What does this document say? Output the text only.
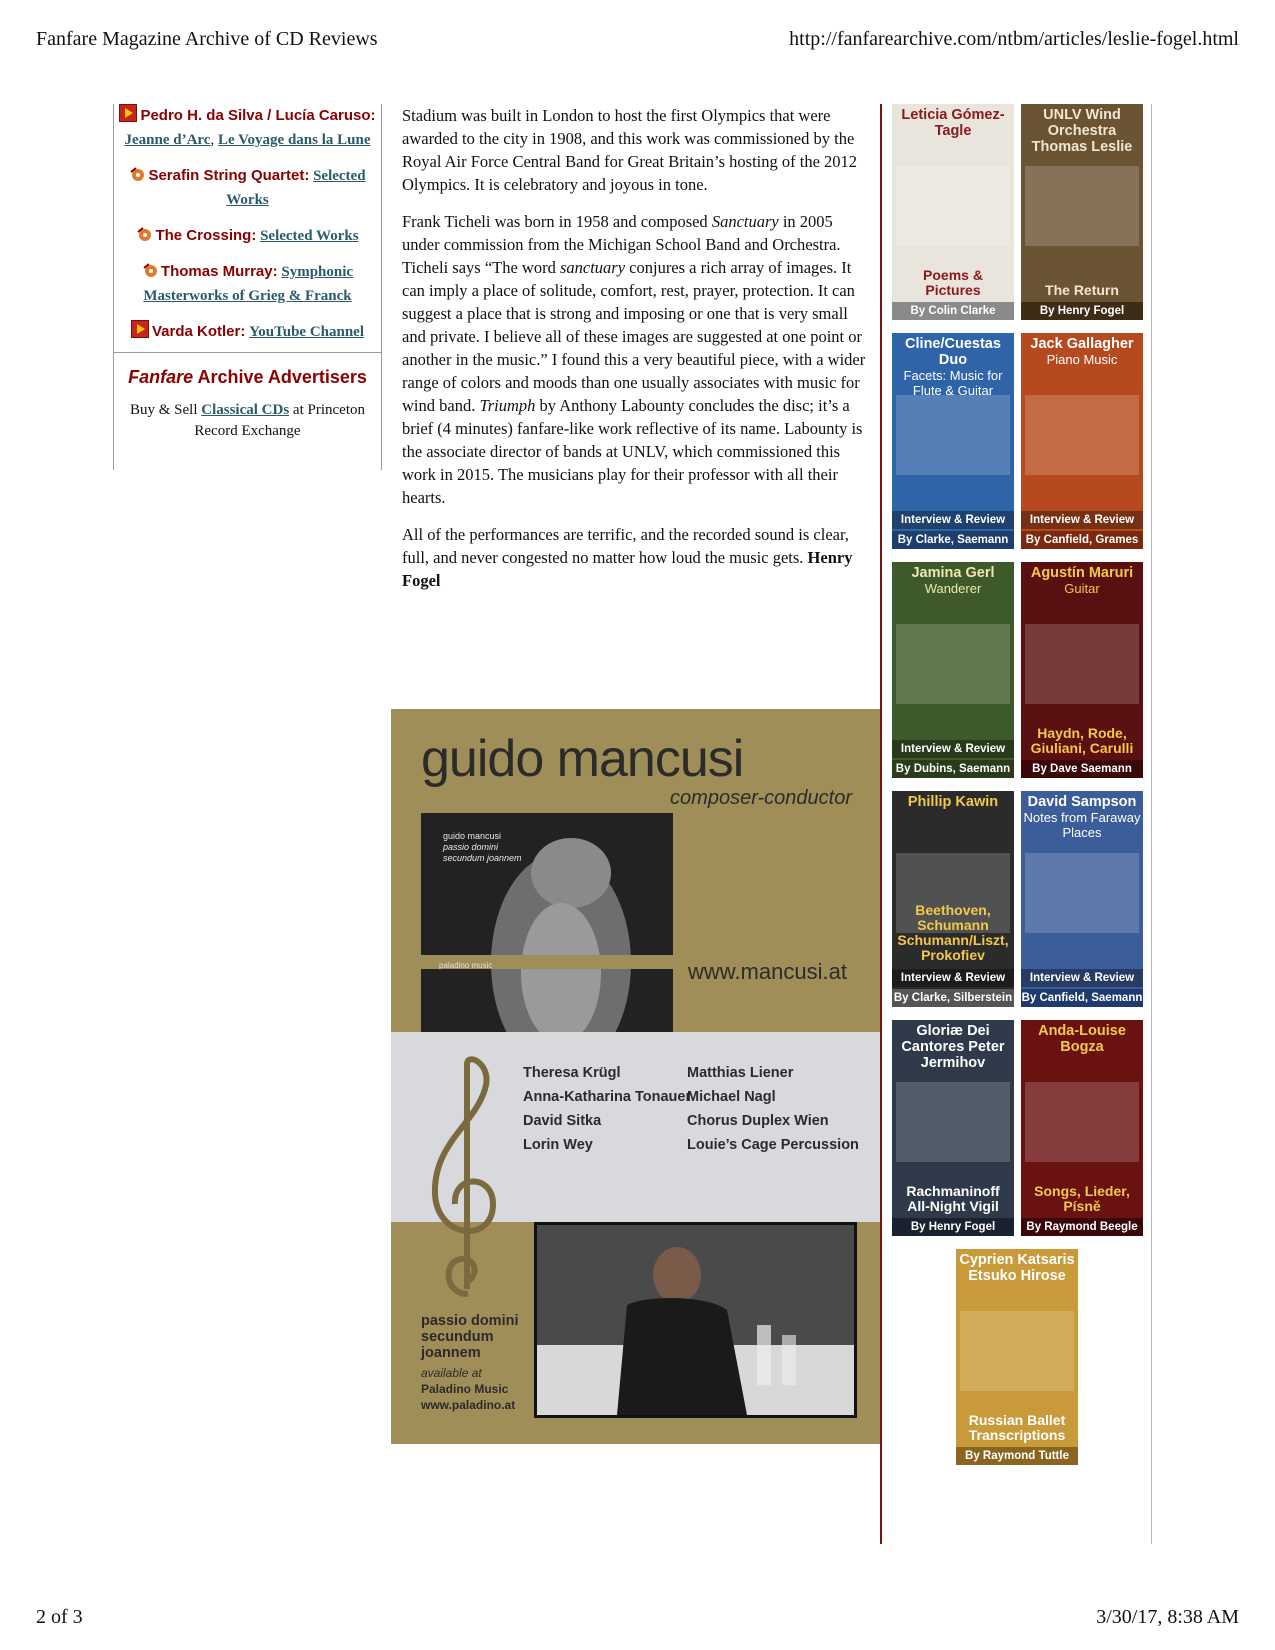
Fanfare Magazine Archive of CD Reviews	http://fanfarearchive.com/ntbm/articles/leslie-fogel.html
Pedro H. da Silva / Lucía Caruso:
Jeanne d’Arc, Le Voyage dans la Lune
Serafin String Quartet: Selected Works
The Crossing: Selected Works
Thomas Murray: Symphonic Masterworks of Grieg & Franck
Varda Kotler: YouTube Channel
Fanfare Archive Advertisers
Buy & Sell Classical CDs at Princeton Record Exchange

Stadium was built in London to host the first Olympics that were awarded to the city in 1908, and this work was commissioned by the Royal Air Force Central Band for Great Britain’s hosting of the 2012 Olympics. It is celebratory and joyous in tone.

Frank Ticheli was born in 1958 and composed Sanctuary in 2005 under commission from the Michigan School Band and Orchestra. Ticheli says “The word sanctuary conjures a rich array of images. It can imply a place of solitude, comfort, rest, prayer, protection. It can suggest a place that is strong and imposing or one that is very small and private. I believe all of these images are suggested at one point or another in the music.” I found this a very beautiful piece, with a wider range of colors and moods than one usually associates with music for wind band. Triumph by Anthony Labounty concludes the disc; it’s a brief (4 minutes) fanfare-like work reflective of its name. Labounty is the associate director of bands at UNLV, which commissioned this work in 2015. The musicians play for their professor with all their hearts.

All of the performances are terrific, and the recorded sound is clear, full, and never congested no matter how loud the music gets. Henry Fogel

guido mancusi
composer-conductor
guido mancusi
passio domini
secundum joannem
paladino music	www.mancusi.at
Theresa Krügl
Anna-Katharina Tonauer
David Sitka
Lorin Wey
Matthias Liener
Michael Nagl
Chorus Duplex Wien
Louie’s Cage Percussion
passio domini
secundum
joannem
available at
Paladino Music
www.paladino.at
Leticia Gómez-Tagle
Poems & Pictures
By Colin Clarke
UNLV Wind Orchestra Thomas Leslie
The Return
By Henry Fogel
Cline/Cuestas Duo
Facets: Music for Flute & Guitar
Interview & Review
By Clarke, Saemann
Jack Gallagher
Piano Music
Interview & Review
By Canfield, Grames
Jamina Gerl
Wanderer
Interview & Review
By Dubins, Saemann
Agustín Maruri
Guitar
Haydn, Rode, Giuliani, Carulli
By Dave Saemann
Phillip Kawin
Interview & Review
Beethoven, Schumann Schumann/Liszt, Prokofiev
By Clarke, Silberstein
David Sampson
Notes from Faraway Places
Interview & Review
By Canfield, Saemann
Gloriæ Dei Cantores Peter Jermihov
Rachmaninoff All-Night Vigil
By Henry Fogel
Anda-Louise Bogza
Songs, Lieder, Písně
By Raymond Beegle
Cyprien Katsaris Etsuko Hirose
Russian Ballet Transcriptions
By Raymond Tuttle
2 of 3	3/30/17, 8:38 AM
